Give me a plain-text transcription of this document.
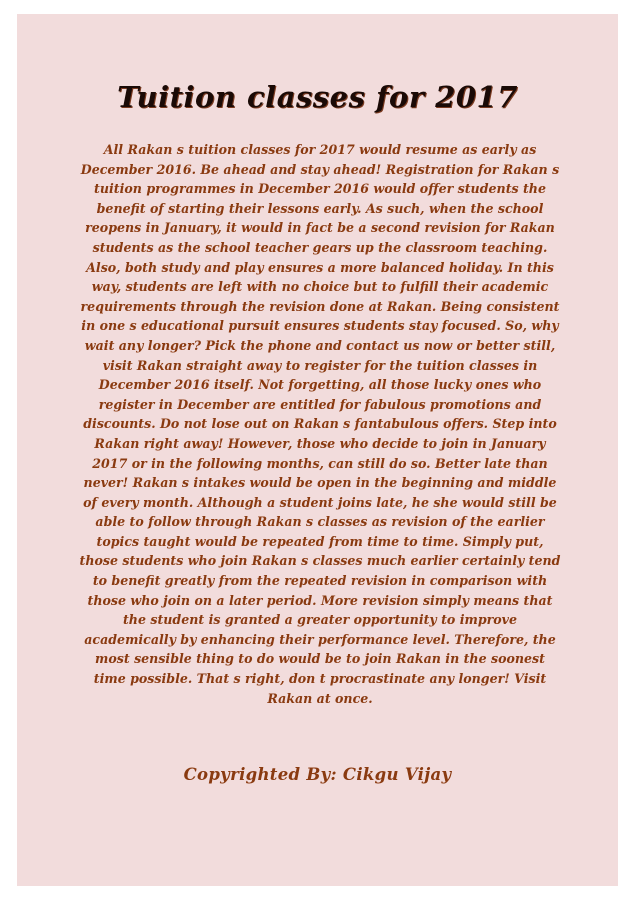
Tuition classes for 2017

All Rakan s tuition classes for 2017 would resume as early as December 2016. Be ahead and stay ahead! Registration for Rakan s tuition programmes in December 2016 would offer students the benefit of starting their lessons early. As such, when the school reopens in January, it would in fact be a second revision for Rakan students as the school teacher gears up the classroom teaching. Also, both study and play ensures a more balanced holiday. In this way, students are left with no choice but to fulfill their academic requirements through the revision done at Rakan. Being consistent in one s educational pursuit ensures students stay focused. So, why wait any longer? Pick the phone and contact us now or better still, visit Rakan straight away to register for the tuition classes in December 2016 itself. Not forgetting, all those lucky ones who register in December are entitled for fabulous promotions and discounts. Do not lose out on Rakan s fantabulous offers. Step into Rakan right away! However, those who decide to join in January 2017 or in the following months, can still do so. Better late than never! Rakan s intakes would be open in the beginning and middle of every month. Although a student joins late, he she would still be able to follow through Rakan s classes as revision of the earlier topics taught would be repeated from time to time. Simply put, those students who join Rakan s classes much earlier certainly tend to benefit greatly from the repeated revision in comparison with those who join on a later period. More revision simply means that the student is granted a greater opportunity to improve academically by enhancing their performance level. Therefore, the most sensible thing to do would be to join Rakan in the soonest time possible. That s right, don t procrastinate any longer! Visit Rakan at once.

Copyrighted By: Cikgu Vijay
